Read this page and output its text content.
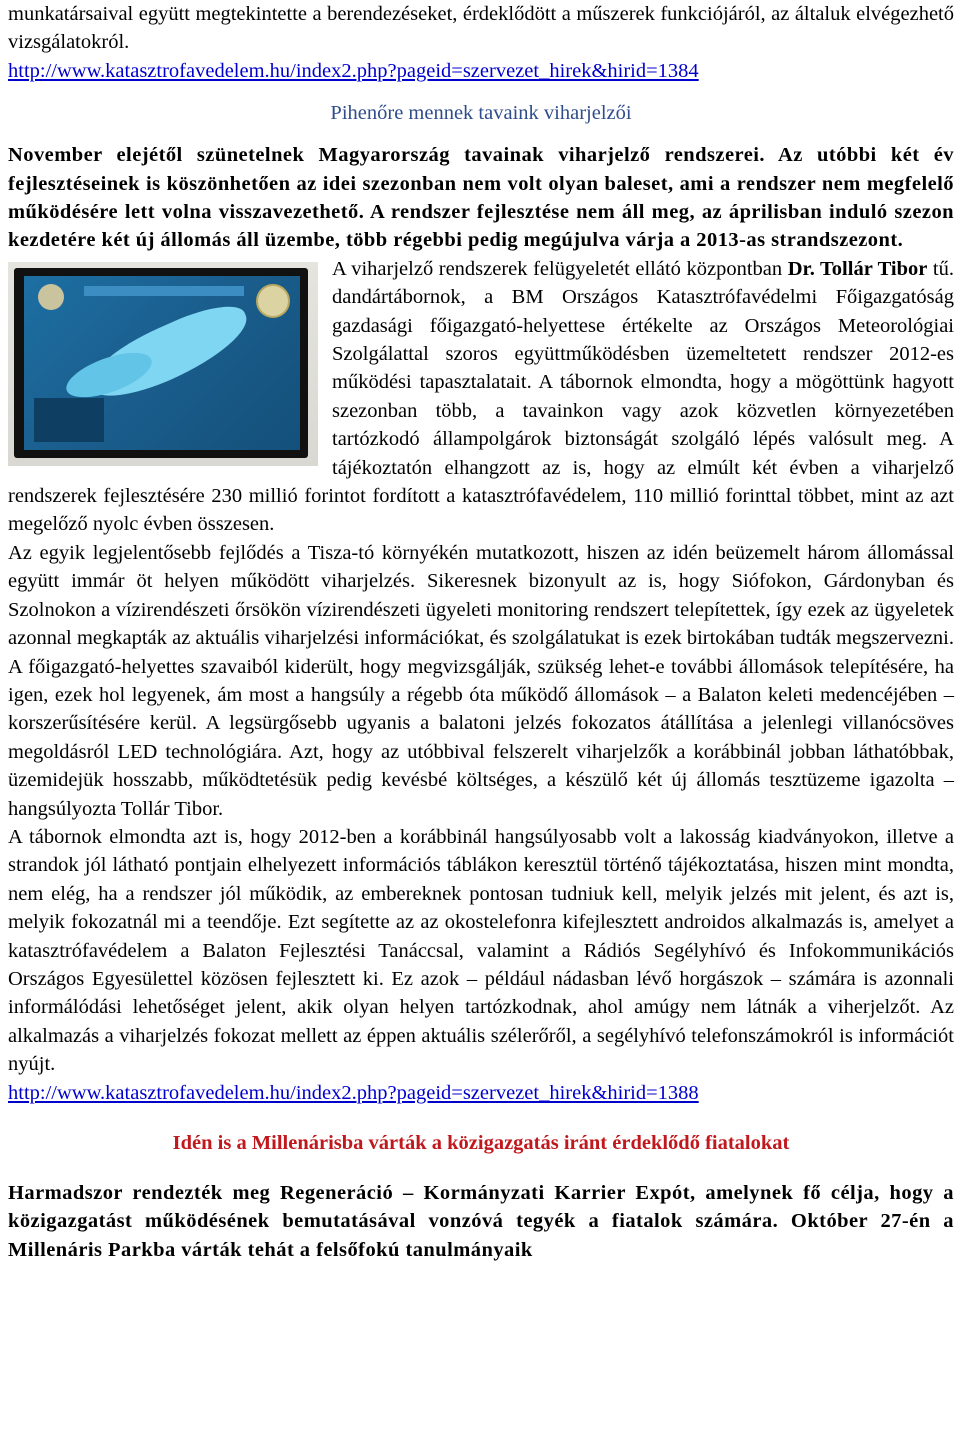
munkatársaival együtt megtekintette a berendezéseket, érdeklődött a műszerek funkciójáról, az általuk elvégezhető vizsgálatokról.

http://www.katasztrofavedelem.hu/index2.php?pageid=szervezet_hirek&hirid=1384
Pihenőre mennek tavaink viharjelzői

November elejétől szünetelnek Magyarország tavainak viharjelző rendszerei. Az utóbbi két év fejlesztéseinek is köszönhetően az idei szezonban nem volt olyan baleset, ami a rendszer nem megfelelő működésére lett volna visszavezethető. A rendszer fejlesztése nem áll meg, az áprilisban induló szezon kezdetére két új állomás áll üzembe, több régebbi pedig megújulva várja a 2013-as strandszezont.

A viharjelző rendszerek felügyeletét ellátó központban Dr. Tollár Tibor tű. dandártábornok, a BM Országos Katasztrófavédelmi Főigazgatóság gazdasági főigazgató-helyettese értékelte az Országos Meteorológiai Szolgálattal szoros együttműködésben üzemeltetett rendszer 2012-es működési tapasztalatait. A tábornok elmondta, hogy a mögöttünk hagyott szezonban több, a tavainkon vagy azok közvetlen környezetében tartózkodó állampolgárok biztonságát szolgáló lépés valósult meg. A tájékoztatón elhangzott az is, hogy az elmúlt két évben a viharjelző rendszerek fejlesztésére 230 millió forintot fordított a katasztrófavédelem, 110 millió forinttal többet, mint az azt megelőző nyolc évben összesen.

Az egyik legjelentősebb fejlődés a Tisza-tó környékén mutatkozott, hiszen az idén beüzemelt három állomással együtt immár öt helyen működött viharjelzés. Sikeresnek bizonyult az is, hogy Siófokon, Gárdonyban és Szolnokon a vízirendészeti őrsökön vízirendészeti ügyeleti monitoring rendszert telepítettek, így ezek az ügyeletek azonnal megkapták az aktuális viharjelzési információkat, és szolgálatukat is ezek birtokában tudták megszervezni. A főigazgató-helyettes szavaiból kiderült, hogy megvizsgálják, szükség lehet-e további állomások telepítésére, ha igen, ezek hol legyenek, ám most a hangsúly a régebb óta működő állomások – a Balaton keleti medencéjében – korszerűsítésére kerül. A legsürgősebb ugyanis a balatoni jelzés fokozatos átállítása a jelenlegi villanócsöves megoldásról LED technológiára. Azt, hogy az utóbbival felszerelt viharjelzők a korábbinál jobban láthatóbbak, üzemidejük hosszabb, működtetésük pedig kevésbé költséges, a készülő két új állomás tesztüzeme igazolta – hangsúlyozta Tollár Tibor.

A tábornok elmondta azt is, hogy 2012-ben a korábbinál hangsúlyosabb volt a lakosság kiadványokon, illetve a strandok jól látható pontjain elhelyezett információs táblákon keresztül történő tájékoztatása, hiszen mint mondta, nem elég, ha a rendszer jól működik, az embereknek pontosan tudniuk kell, melyik jelzés mit jelent, és azt is, melyik fokozatnál mi a teendője. Ezt segítette az az okostelefonra kifejlesztett androidos alkalmazás is, amelyet a katasztrófavédelem a Balaton Fejlesztési Tanáccsal, valamint a Rádiós Segélyhívó és Infokommunikációs Országos Egyesülettel közösen fejlesztett ki. Ez azok – például nádasban lévő horgászok – számára is azonnali informálódási lehetőséget jelent, akik olyan helyen tartózkodnak, ahol amúgy nem látnák a viherjelzőt. Az alkalmazás a viharjelzés fokozat mellett az éppen aktuális szélerőről, a segélyhívó telefonszámokról is információt nyújt.

http://www.katasztrofavedelem.hu/index2.php?pageid=szervezet_hirek&hirid=1388
Idén is a Millenárisba várták a közigazgatás iránt érdeklődő fiatalokat

Harmadszor rendezték meg Regeneráció – Kormányzati Karrier Expót, amelynek fő célja, hogy a közigazgatást működésének bemutatásával vonzóvá tegyék a fiatalok számára. Október 27-én a Millenáris Parkba várták tehát a felsőfokú tanulmányaik
